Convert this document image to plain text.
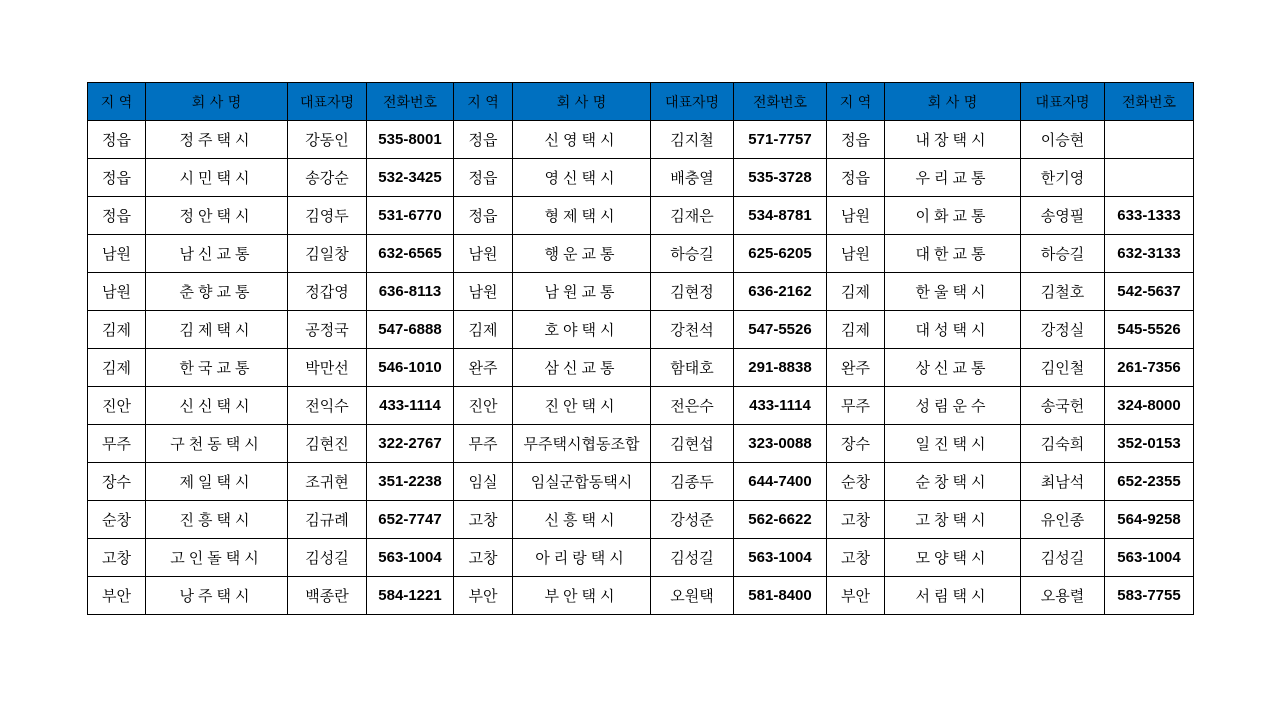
지 역	회 사 명	대표자명	전화번호	지 역	회 사 명	대표자명	전화번호	지 역	회 사 명	대표자명	전화번호
정읍	정주택시	강동인	535-8001	정읍	신영택시	김지철	571-7757	정읍	내장택시	이승현	
정읍	시민택시	송강순	532-3425	정읍	영신택시	배충열	535-3728	정읍	우리교통	한기영	
정읍	정안택시	김영두	531-6770	정읍	형제택시	김재은	534-8781	남원	이화교통	송영필	633-1333
남원	남신교통	김일창	632-6565	남원	행운교통	하승길	625-6205	남원	대한교통	하승길	632-3133
남원	춘향교통	정갑영	636-8113	남원	남원교통	김현정	636-2162	김제	한울택시	김철호	542-5637
김제	김제택시	공정국	547-6888	김제	호야택시	강천석	547-5526	김제	대성택시	강정실	545-5526
김제	한국교통	박만선	546-1010	완주	삼신교통	함태호	291-8838	완주	상신교통	김인철	261-7356
진안	신신택시	전익수	433-1114	진안	진안택시	전은수	433-1114	무주	성림운수	송국헌	324-8000
무주	구천동택시	김현진	322-2767	무주	무주택시협동조합	김현섭	323-0088	장수	일진택시	김숙희	352-0153
장수	제일택시	조귀현	351-2238	임실	임실군합동택시	김종두	644-7400	순창	순창택시	최남석	652-2355
순창	진흥택시	김규례	652-7747	고창	신흥택시	강성준	562-6622	고창	고창택시	유인종	564-9258
고창	고인돌택시	김성길	563-1004	고창	아리랑택시	김성길	563-1004	고창	모양택시	김성길	563-1004
부안	낭주택시	백종란	584-1221	부안	부안택시	오원택	581-8400	부안	서림택시	오용렬	583-7755
